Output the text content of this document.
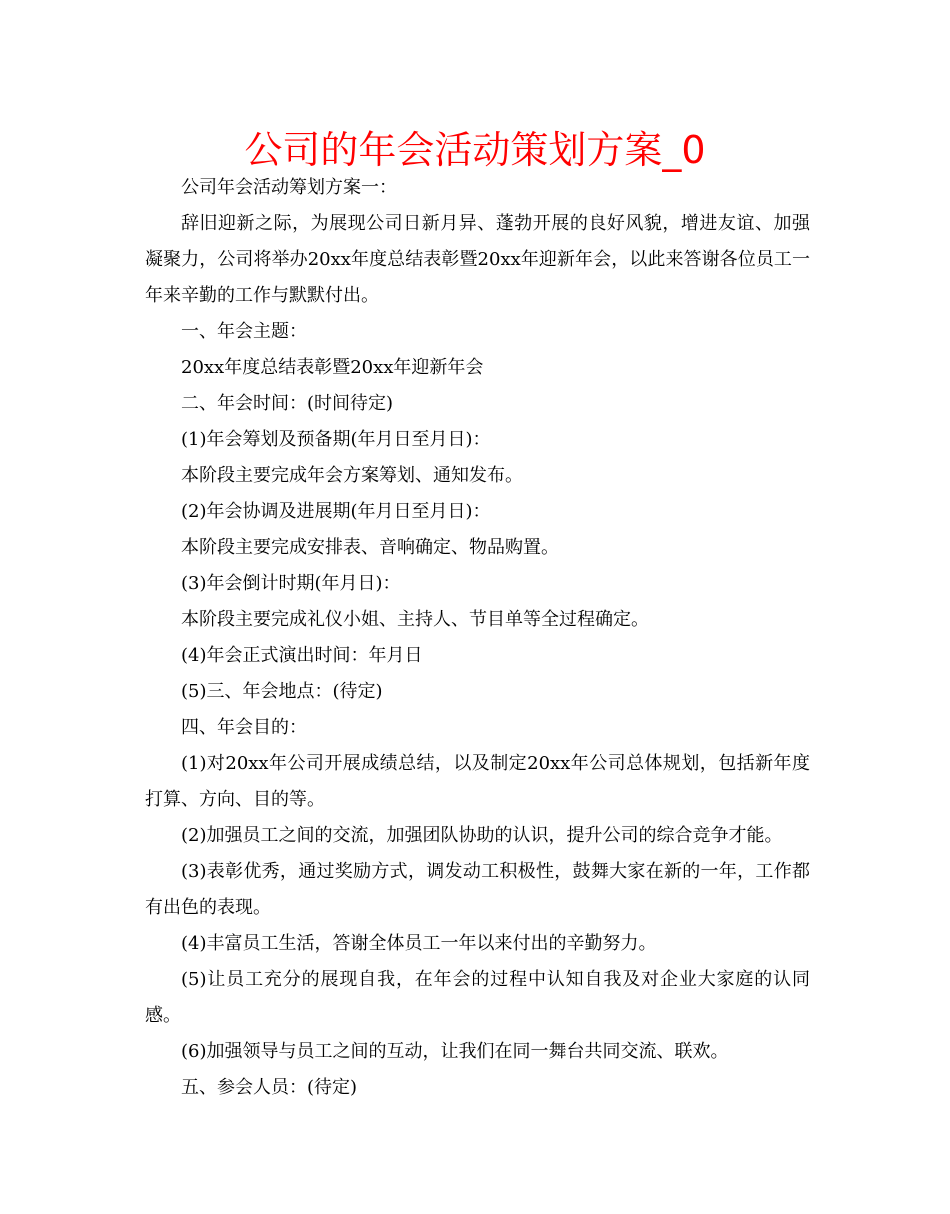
公司的年会活动策划方案_0

公司年会活动筹划方案一：

辞旧迎新之际，为展现公司日新月异、蓬勃开展的良好风貌，增进友谊、加强凝聚力，公司将举办20xx年度总结表彰暨20xx年迎新年会，以此来答谢各位员工一年来辛勤的工作与默默付出。

一、年会主题：

20xx年度总结表彰暨20xx年迎新年会

二、年会时间：(时间待定)

(1)年会筹划及预备期(年月日至月日)：

本阶段主要完成年会方案筹划、通知发布。

(2)年会协调及进展期(年月日至月日)：

本阶段主要完成安排表、音响确定、物品购置。

(3)年会倒计时期(年月日)：

本阶段主要完成礼仪小姐、主持人、节目单等全过程确定。

(4)年会正式演出时间：年月日

(5)三、年会地点：(待定)

四、年会目的：

(1)对20xx年公司开展成绩总结，以及制定20xx年公司总体规划，包括新年度打算、方向、目的等。

(2)加强员工之间的交流，加强团队协助的认识，提升公司的综合竞争才能。

(3)表彰优秀，通过奖励方式，调发动工积极性，鼓舞大家在新的一年，工作都有出色的表现。

(4)丰富员工生活，答谢全体员工一年以来付出的辛勤努力。

(5)让员工充分的展现自我，在年会的过程中认知自我及对企业大家庭的认同感。

(6)加强领导与员工之间的互动，让我们在同一舞台共同交流、联欢。

五、参会人员：(待定)
